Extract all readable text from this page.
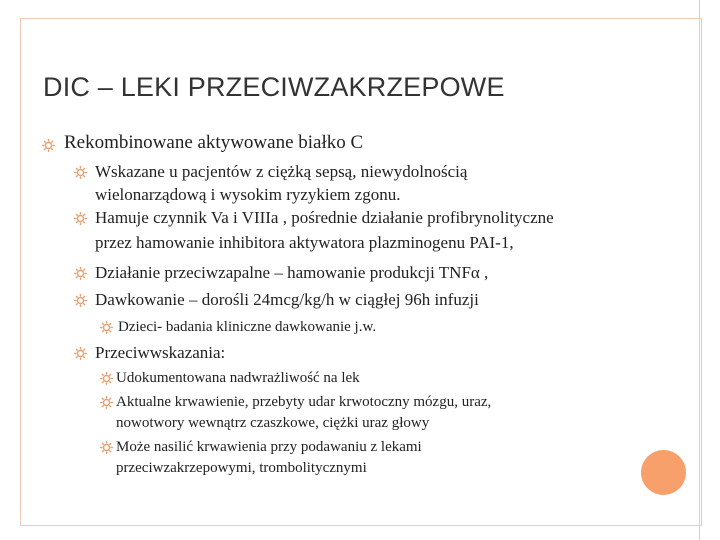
DIC – LEKI PRZECIWZAKRZEPOWE
Rekombinowane aktywowane białko C
Wskazane u pacjentów z ciężką sepsą, niewydolnością
wielonarządową i wysokim ryzykiem zgonu.
Hamuje czynnik Va i VIIIa , pośrednie działanie profibrynolityczne
przez hamowanie inhibitora aktywatora plazminogenu PAI-1,
Działanie przeciwzapalne – hamowanie produkcji TNFα ,
Dawkowanie – dorośli 24mcg/kg/h w ciągłej 96h infuzji
Dzieci- badania kliniczne dawkowanie j.w.
Przeciwwskazania:
Udokumentowana nadwrażliwość na lek
Aktualne krwawienie, przebyty udar krwotoczny mózgu, uraz,
nowotwory wewnątrz czaszkowe, ciężki uraz głowy
Może nasilić krwawienia przy podawaniu z lekami
przeciwzakrzepowymi, trombolitycznymi
